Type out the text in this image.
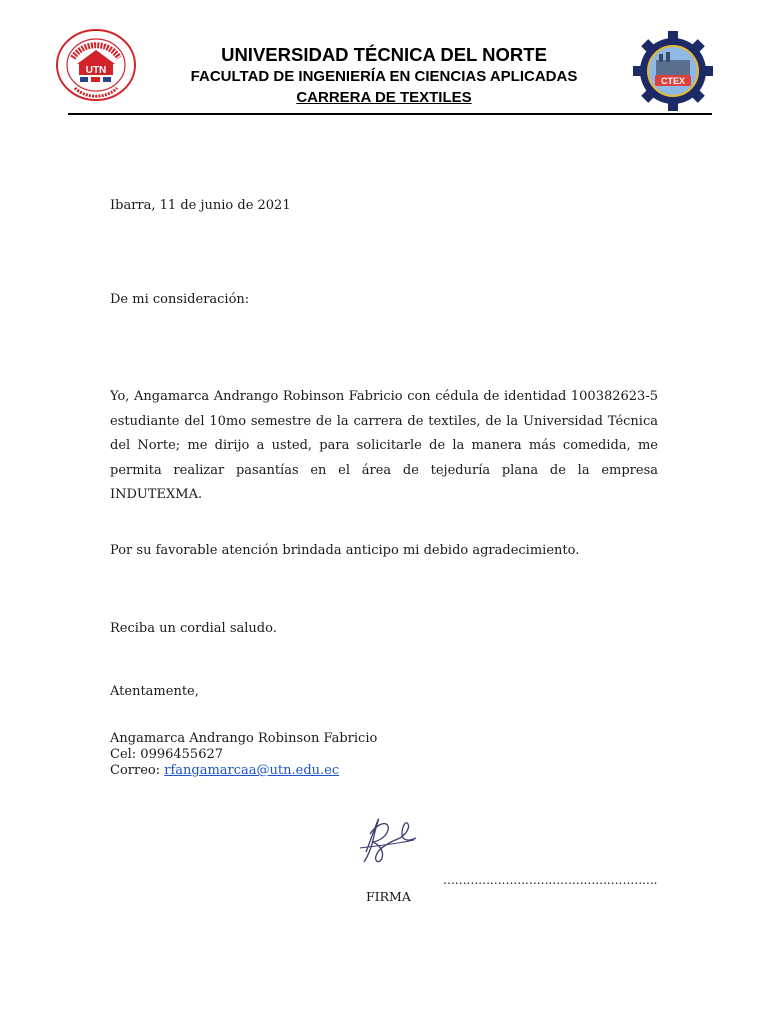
UTN
CTEX
UNIVERSIDAD TÉCNICA DEL NORTE
FACULTAD DE INGENIERÍA EN CIENCIAS APLICADAS
CARRERA DE TEXTILES
Ibarra, 11 de junio de 2021
De mi consideración:
Yo, Angamarca Andrango Robinson Fabricio con cédula de identidad 100382623-5 estudiante del 10mo semestre de la carrera de textiles, de la Universidad Técnica del Norte; me dirijo a usted, para solicitarle de la manera más comedida, me permita realizar pasantías en el área de tejeduría plana de la empresa INDUTEXMA.
Por su favorable atención brindada anticipo mi debido agradecimiento.
Reciba un cordial saludo.
Atentamente,
Angamarca Andrango Robinson Fabricio
Cel: 0996455627
Correo: rfangamarcaa@utn.edu.ec
……………………………………………….
FIRMA
